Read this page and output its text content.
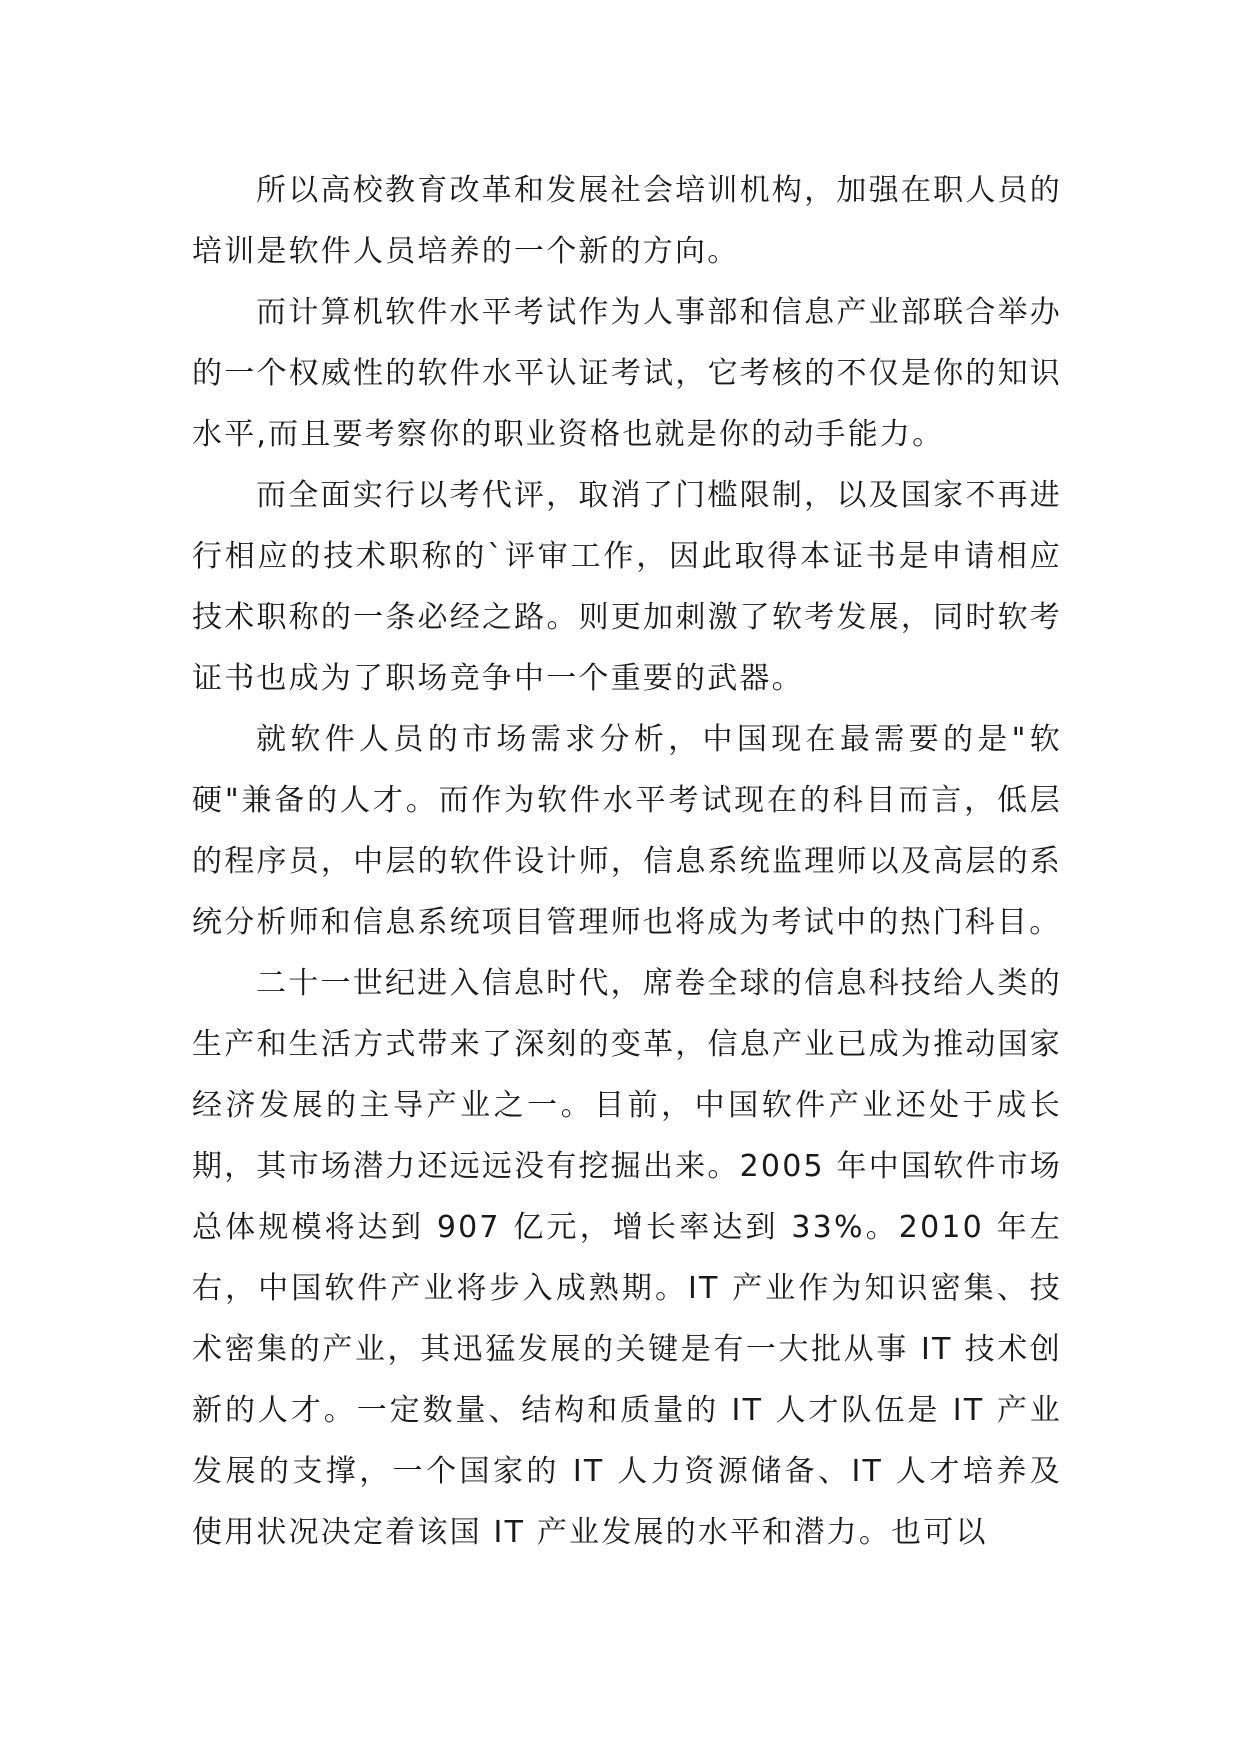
所以高校教育改革和发展社会培训机构，加强在职人员的培训是软件人员培养的一个新的方向。

而计算机软件水平考试作为人事部和信息产业部联合举办的一个权威性的软件水平认证考试，它考核的不仅是你的知识水平,而且要考察你的职业资格也就是你的动手能力。

而全面实行以考代评，取消了门槛限制，以及国家不再进行相应的技术职称的`评审工作，因此取得本证书是申请相应技术职称的一条必经之路。则更加刺激了软考发展，同时软考证书也成为了职场竞争中一个重要的武器。

就软件人员的市场需求分析，中国现在最需要的是"软硬"兼备的人才。而作为软件水平考试现在的科目而言，低层的程序员，中层的软件设计师，信息系统监理师以及高层的系统分析师和信息系统项目管理师也将成为考试中的热门科目。

二十一世纪进入信息时代，席卷全球的信息科技给人类的生产和生活方式带来了深刻的变革，信息产业已成为推动国家经济发展的主导产业之一。目前，中国软件产业还处于成长期，其市场潜力还远远没有挖掘出来。2005 年中国软件市场总体规模将达到 907 亿元，增长率达到 33%。2010 年左右，中国软件产业将步入成熟期。IT 产业作为知识密集、技术密集的产业，其迅猛发展的关键是有一大批从事 IT 技术创新的人才。一定数量、结构和质量的 IT 人才队伍是 IT 产业发展的支撑，一个国家的 IT 人力资源储备、IT 人才培养及使用状况决定着该国 IT 产业发展的水平和潜力。也可以
